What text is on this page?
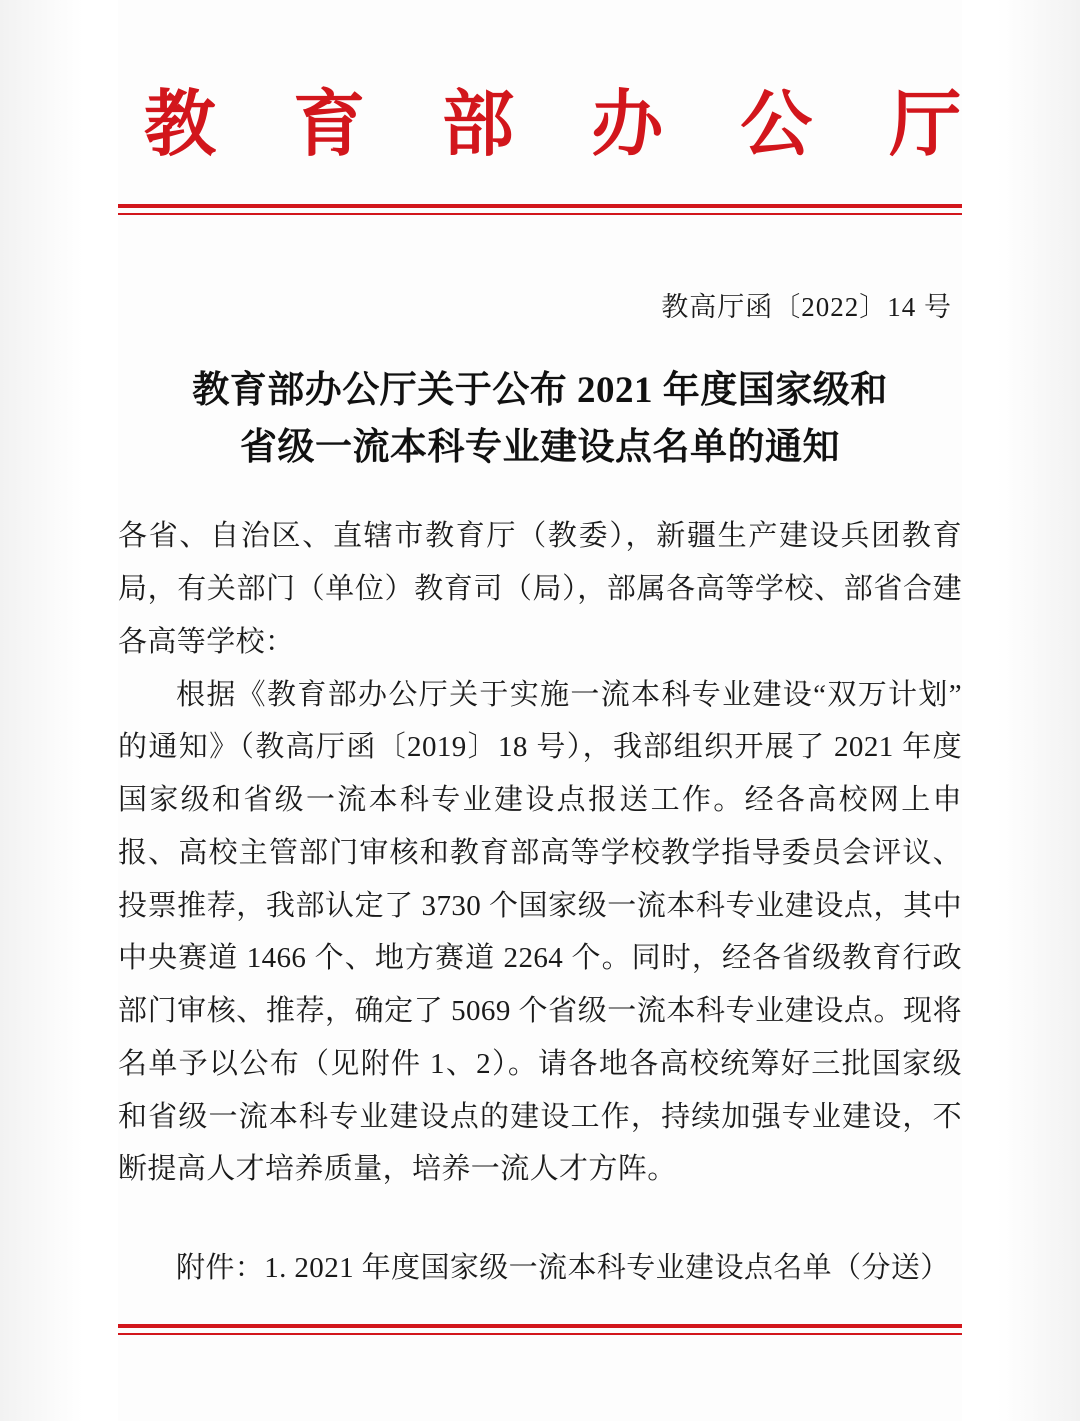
教 育 部 办 公 厅
教高厅函〔2022〕14 号
教育部办公厅关于公布 2021 年度国家级和
省级一流本科专业建设点名单的通知

各省、自治区、直辖市教育厅（教委），新疆生产建设兵团教育局，有关部门（单位）教育司（局），部属各高等学校、部省合建各高等学校：

根据《教育部办公厅关于实施一流本科专业建设“双万计划”的通知》（教高厅函〔2019〕18 号），我部组织开展了 2021 年度国家级和省级一流本科专业建设点报送工作。经各高校网上申报、高校主管部门审核和教育部高等学校教学指导委员会评议、投票推荐，我部认定了 3730 个国家级一流本科专业建设点，其中中央赛道 1466 个、地方赛道 2264 个。同时，经各省级教育行政部门审核、推荐，确定了 5069 个省级一流本科专业建设点。现将名单予以公布（见附件 1、2）。请各地各高校统筹好三批国家级和省级一流本科专业建设点的建设工作，持续加强专业建设，不断提高人才培养质量，培养一流人才方阵。

附件：1. 2021 年度国家级一流本科专业建设点名单（分送）
